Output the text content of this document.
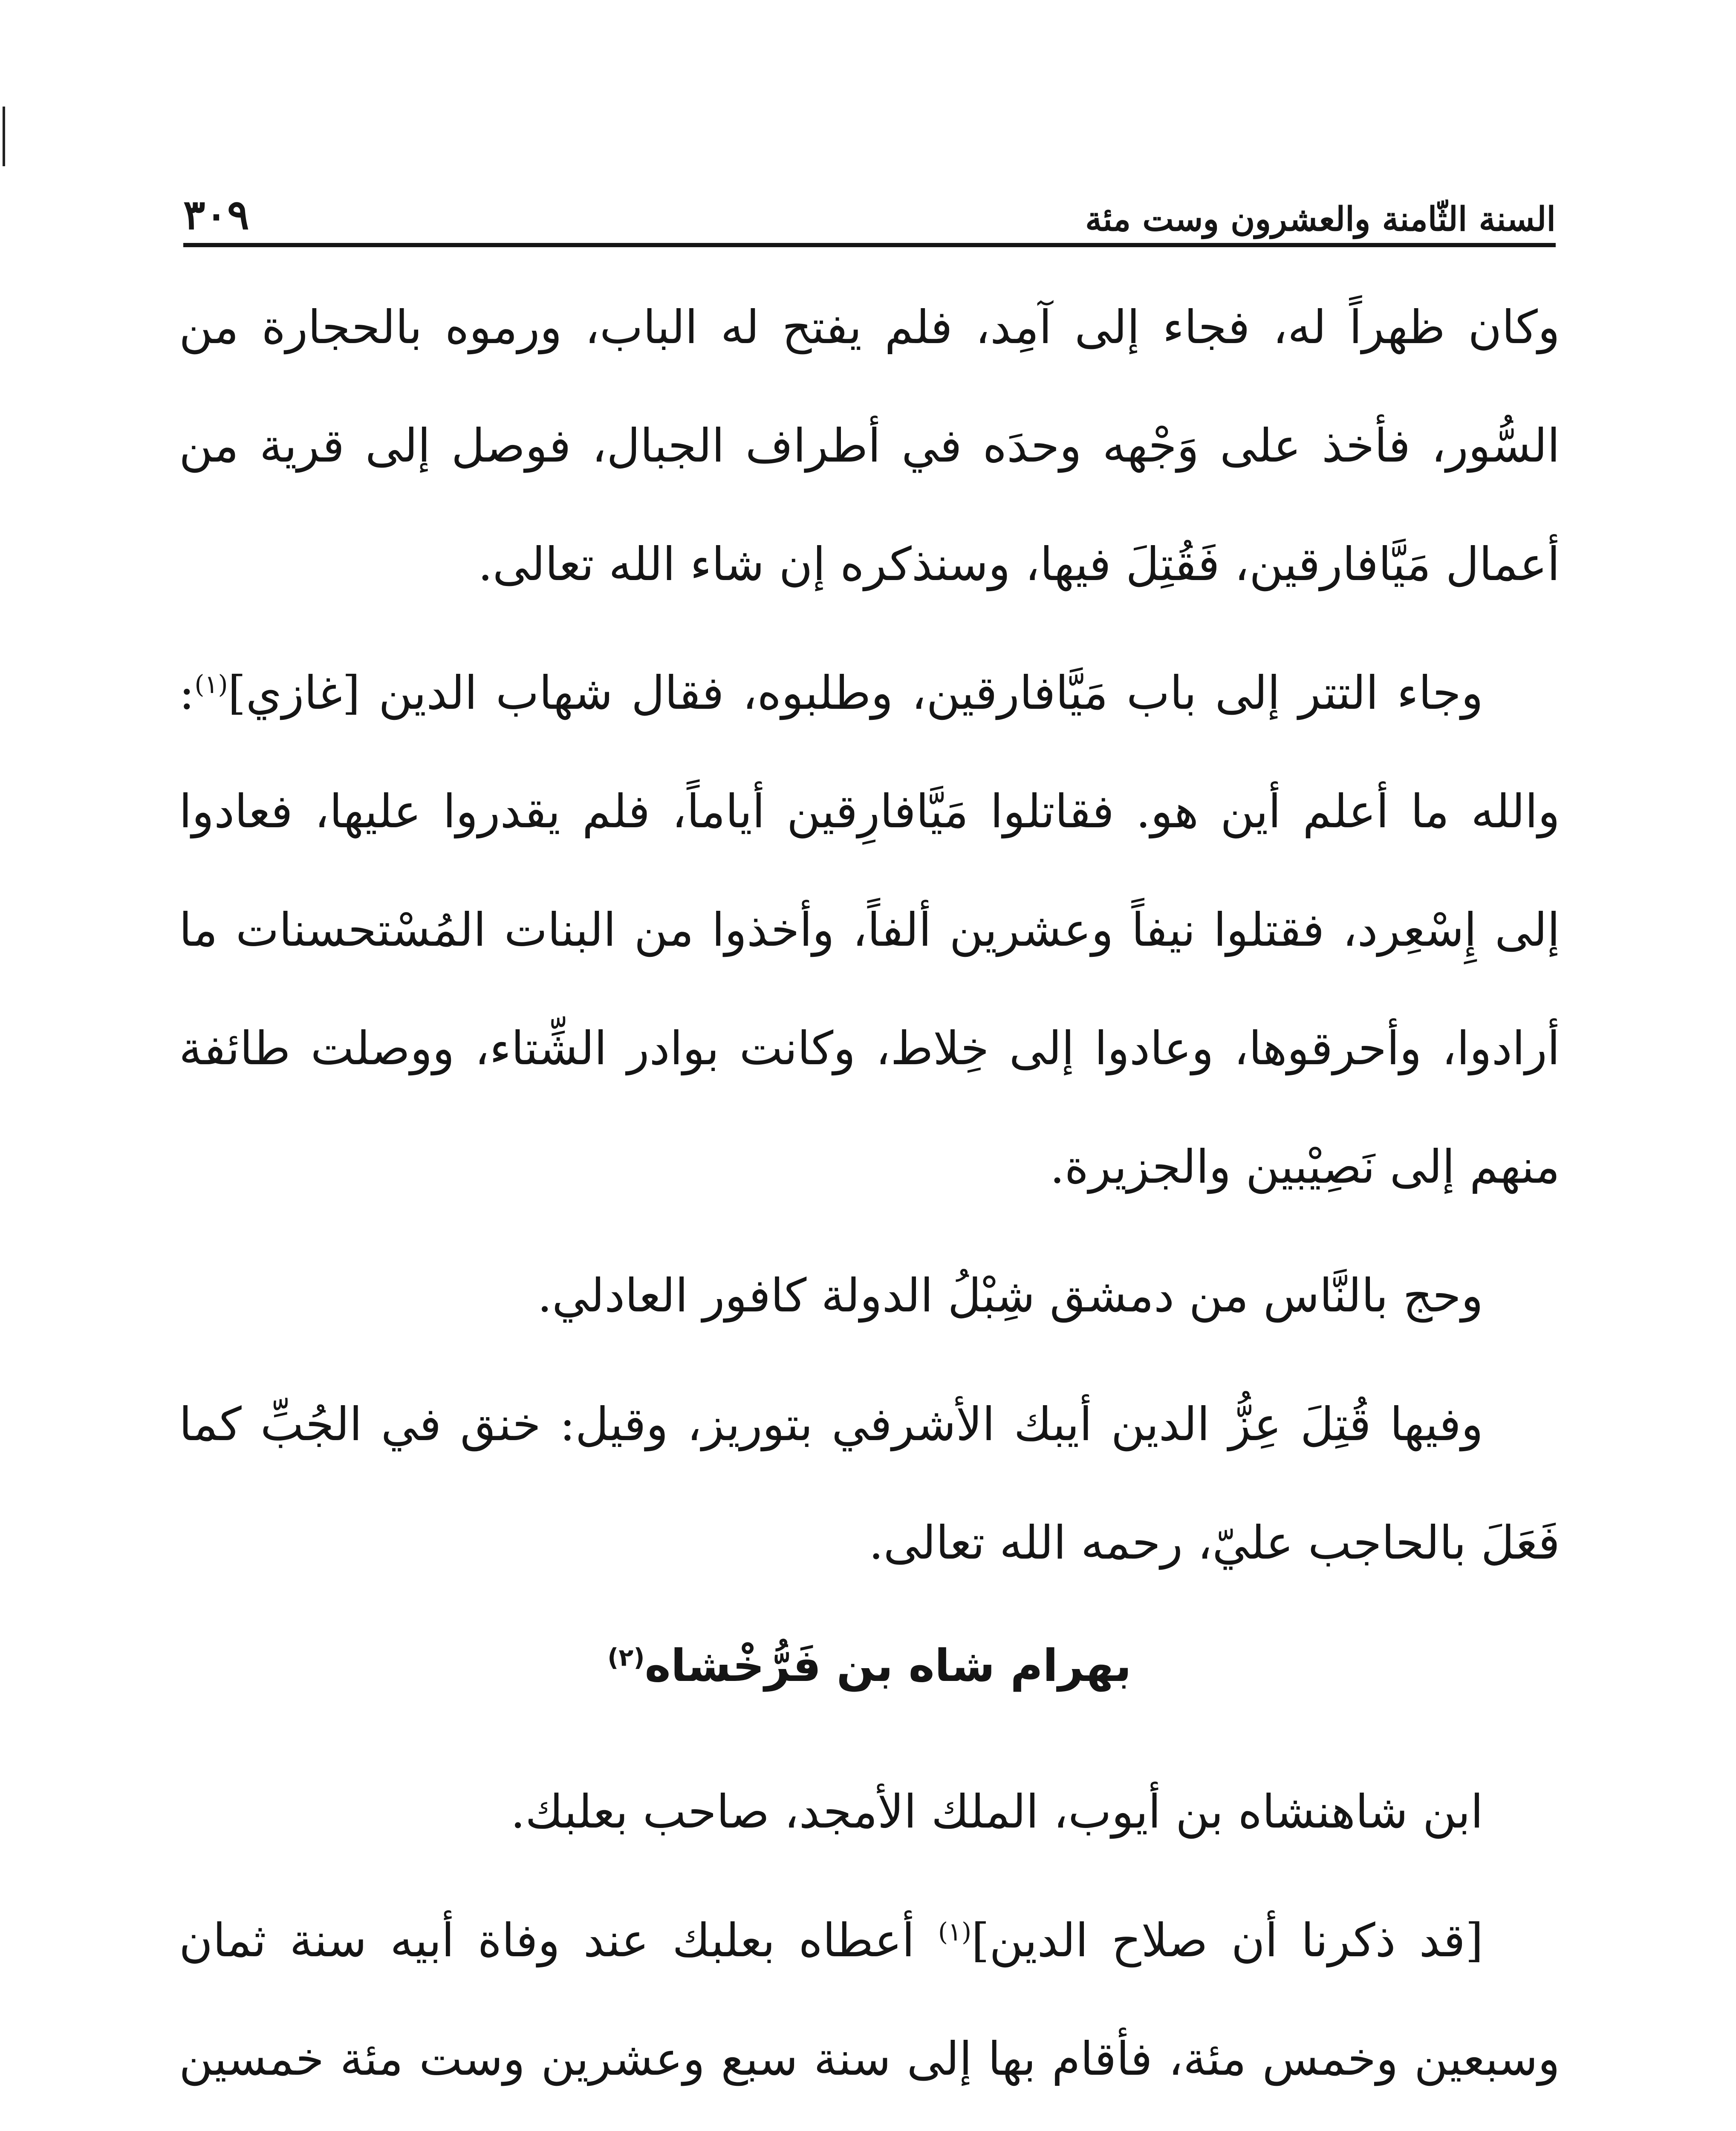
السنة الثّامنة والعشرون وست مئة
٣٠٩

وكان ظهراً له، فجاء إلى آمِد، فلم يفتح له الباب، ورموه بالحجارة من السُّور، فأخذ على وَجْهه وحدَه في أطراف الجبال، فوصل إلى قرية من أعمال مَيَّافارقين، فَقُتِلَ فيها، وسنذكره إن شاء الله تعالى.

وجاء التتر إلى باب مَيَّافارقين، وطلبوه، فقال شهاب الدين [غازي]$^{(١)}$: والله ما أعلم أين هو. فقاتلوا مَيَّافارِقين أياماً، فلم يقدروا عليها، فعادوا إلى إِسْعِرد، فقتلوا نيفاً وعشرين ألفاً، وأخذوا من البنات المُسْتحسنات ما أرادوا، وأحرقوها، وعادوا إلى خِلاط، وكانت بوادر الشِّتاء، ووصلت طائفة منهم إلى نَصِيْبين والجزيرة.

وحج بالنَّاس من دمشق شِبْلُ الدولة كافور العادلي.

وفيها قُتِلَ عِزُّ الدين أيبك الأشرفي بتوريز، وقيل: خنق في الجُبِّ كما فَعَلَ بالحاجب عليّ، رحمه الله تعالى.

بهرام شاه بن فَرُّخْشاه$^{(٢)}$

ابن شاهنشاه بن أيوب، الملك الأمجد، صاحب بعلبك.

[قد ذكرنا أن صلاح الدين]$^{(١)}$ أعطاه بعلبك عند وفاة أبيه سنة ثمان وسبعين وخمس مئة، فأقام بها إلى سنة سبع وعشرين وست مئة خمسين
